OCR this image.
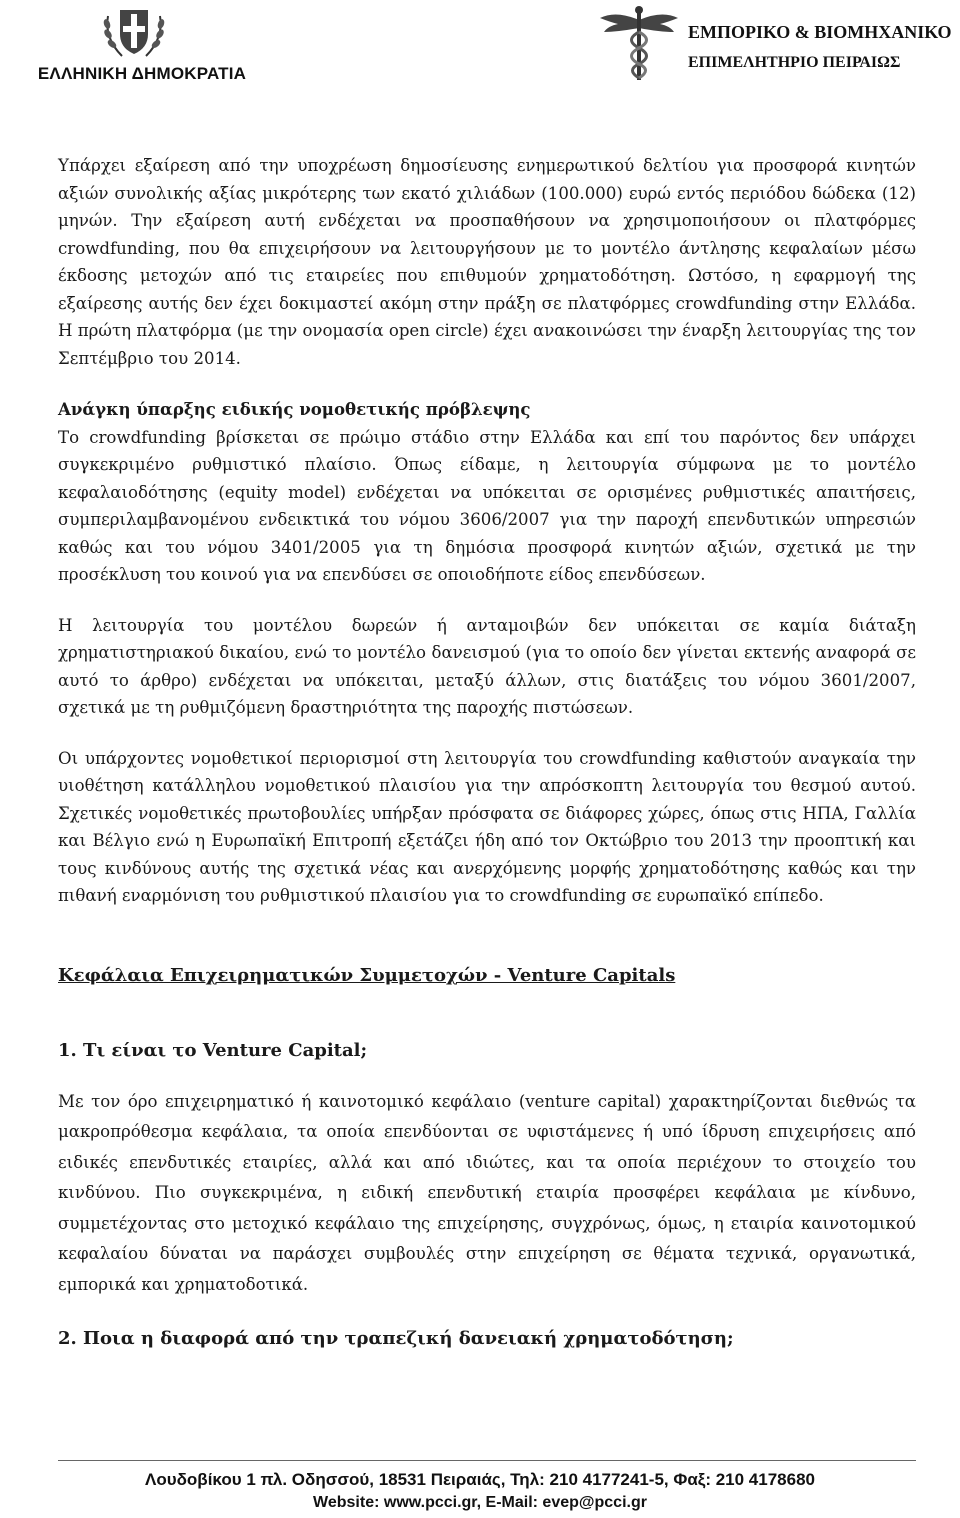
ΕΛΛΗΝΙΚΗ ΔΗΜΟΚΡΑΤΙΑ
ΕΜΠΟΡΙΚΟ & ΒΙΟΜΗΧΑΝΙΚΟ
ΕΠΙΜΕΛΗΤΗΡΙΟ ΠΕΙΡΑΙΩΣ

Υπάρχει εξαίρεση από την υποχρέωση δημοσίευσης ενημερωτικού δελτίου για προσφορά κινητών αξιών συνολικής αξίας μικρότερης των εκατό χιλιάδων (100.000) ευρώ εντός περιόδου δώδεκα (12) μηνών. Την εξαίρεση αυτή ενδέχεται να προσπαθήσουν να χρησιμοποιήσουν οι πλατφόρμες crowdfunding, που θα επιχειρήσουν να λειτουργήσουν με το μοντέλο άντλησης κεφαλαίων μέσω έκδοσης μετοχών από τις εταιρείες που επιθυμούν χρηματοδότηση. Ωστόσο, η εφαρμογή της εξαίρεσης αυτής δεν έχει δοκιμαστεί ακόμη στην πράξη σε πλατφόρμες crowdfunding στην Ελλάδα. Η πρώτη πλατφόρμα (με την ονομασία open circle) έχει ανακοινώσει την έναρξη λειτουργίας της τον Σεπτέμβριο του 2014.

Ανάγκη ύπαρξης ειδικής νομοθετικής πρόβλεψης

Το crowdfunding βρίσκεται σε πρώιμο στάδιο στην Ελλάδα και επί του παρόντος δεν υπάρχει συγκεκριμένο ρυθμιστικό πλαίσιο. Όπως είδαμε, η λειτουργία σύμφωνα με το μοντέλο κεφαλαιοδότησης (equity model) ενδέχεται να υπόκειται σε ορισμένες ρυθμιστικές απαιτήσεις, συμπεριλαμβανομένου ενδεικτικά του νόμου 3606/2007 για την παροχή επενδυτικών υπηρεσιών καθώς και του νόμου 3401/2005 για τη δημόσια προσφορά κινητών αξιών, σχετικά με την προσέκλυση του κοινού για να επενδύσει σε οποιοδήποτε είδος επενδύσεων.

Η λειτουργία του μοντέλου δωρεών ή ανταμοιβών δεν υπόκειται σε καμία διάταξη χρηματιστηριακού δικαίου, ενώ το μοντέλο δανεισμού (για το οποίο δεν γίνεται εκτενής αναφορά σε αυτό το άρθρο) ενδέχεται να υπόκειται, μεταξύ άλλων, στις διατάξεις του νόμου 3601/2007, σχετικά με τη ρυθμιζόμενη δραστηριότητα της παροχής πιστώσεων.

Οι υπάρχοντες νομοθετικοί περιορισμοί στη λειτουργία του crowdfunding καθιστούν αναγκαία την υιοθέτηση κατάλληλου νομοθετικού πλαισίου για την απρόσκοπτη λειτουργία του θεσμού αυτού. Σχετικές νομοθετικές πρωτοβουλίες υπήρξαν πρόσφατα σε διάφορες χώρες, όπως στις ΗΠΑ, Γαλλία και Βέλγιο ενώ η Ευρωπαϊκή Επιτροπή εξετάζει ήδη από τον Οκτώβριο του 2013 την προοπτική και τους κινδύνους αυτής της σχετικά νέας και ανερχόμενης μορφής χρηματοδότησης καθώς και την πιθανή εναρμόνιση του ρυθμιστικού πλαισίου για το crowdfunding σε ευρωπαϊκό επίπεδο.

Κεφάλαια Επιχειρηματικών Συμμετοχών - Venture Capitals

1. Τι είναι το Venture Capital;

Με τον όρο επιχειρηματικό ή καινοτομικό κεφάλαιο (venture capital) χαρακτηρίζονται διεθνώς τα μακροπρόθεσμα κεφάλαια, τα οποία επενδύονται σε υφιστάμενες ή υπό ίδρυση επιχειρήσεις από ειδικές επενδυτικές εταιρίες, αλλά και από ιδιώτες, και τα οποία περιέχουν το στοιχείο του κινδύνου. Πιο συγκεκριμένα, η ειδική επενδυτική εταιρία προσφέρει κεφάλαια με κίνδυνο, συμμετέχοντας στο μετοχικό κεφάλαιο της επιχείρησης, συγχρόνως, όμως, η εταιρία καινοτομικού κεφαλαίου δύναται να παράσχει συμβουλές στην επιχείρηση σε θέματα τεχνικά, οργανωτικά, εμπορικά και χρηματοδοτικά.

2. Ποια η διαφορά από την τραπεζική δανειακή χρηματοδότηση;

Λουδοβίκου 1 πλ. Οδησσού, 18531 Πειραιάς, Τηλ: 210 4177241-5, Φαξ: 210 4178680
Website: www.pcci.gr, E-Mail: evep@pcci.gr
